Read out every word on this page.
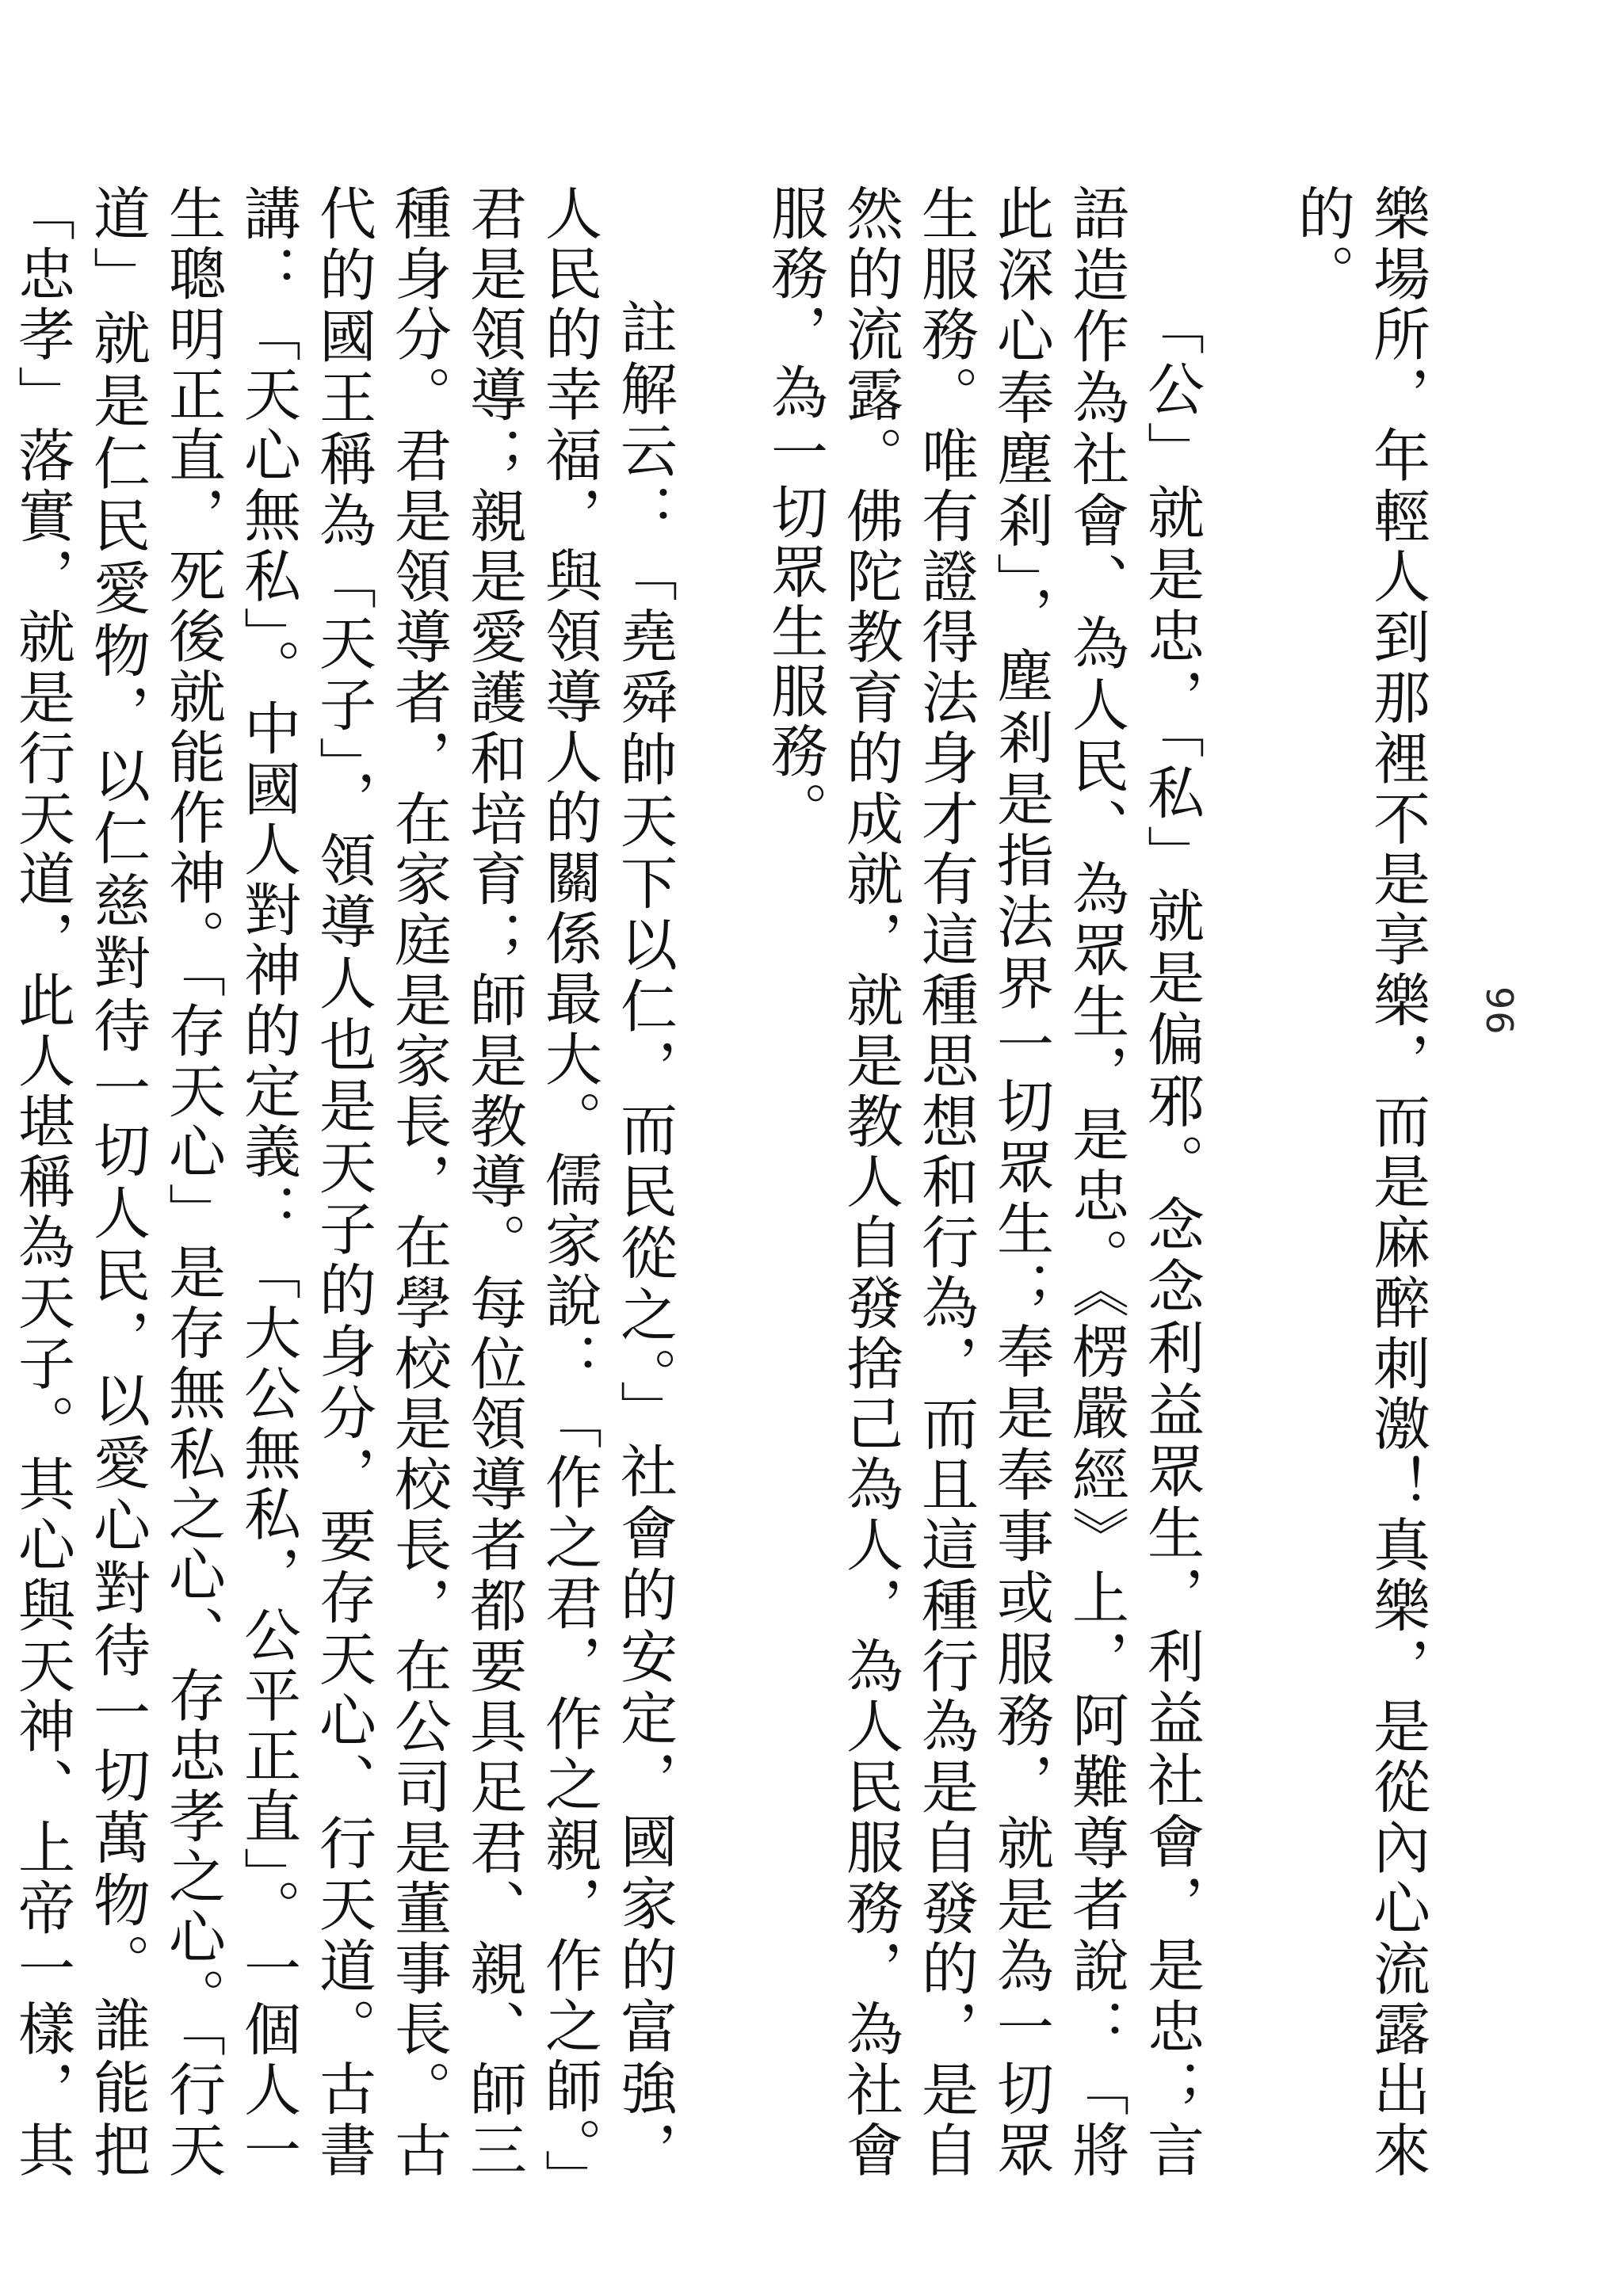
96

樂場所，年輕人到那裡不是享樂，而是麻醉刺激！真樂，是從內心流露出來的。

「公」就是忠，「私」就是偏邪。念念利益眾生，利益社會，是忠；言語造作為社會、為人民、為眾生，是忠。《楞嚴經》上，阿難尊者說：「將此深心奉塵剎」，塵剎是指法界一切眾生；奉是奉事或服務，就是為一切眾生服務。唯有證得法身才有這種思想和行為，而且這種行為是自發的，是自然的流露。佛陀教育的成就，就是教人自發捨己為人，為人民服務，為社會服務，為一切眾生服務。

註解云：「堯舜帥天下以仁，而民從之。」社會的安定，國家的富強，人民的幸福，與領導人的關係最大。儒家說：「作之君，作之親，作之師。」君是領導；親是愛護和培育；師是教導。每位領導者都要具足君、親、師三種身分。君是領導者，在家庭是家長，在學校是校長，在公司是董事長。古代的國王稱為「天子」，領導人也是天子的身分，要存天心、行天道。古書講：「天心無私」。中國人對神的定義：「大公無私，公平正直」。一個人一生聰明正直，死後就能作神。「存天心」是存無私之心、存忠孝之心。「行天道」就是仁民愛物，以仁慈對待一切人民，以愛心對待一切萬物。誰能把「忠孝」落實，就是行天道，此人堪稱為天子。其心與天神、上帝一樣，其
